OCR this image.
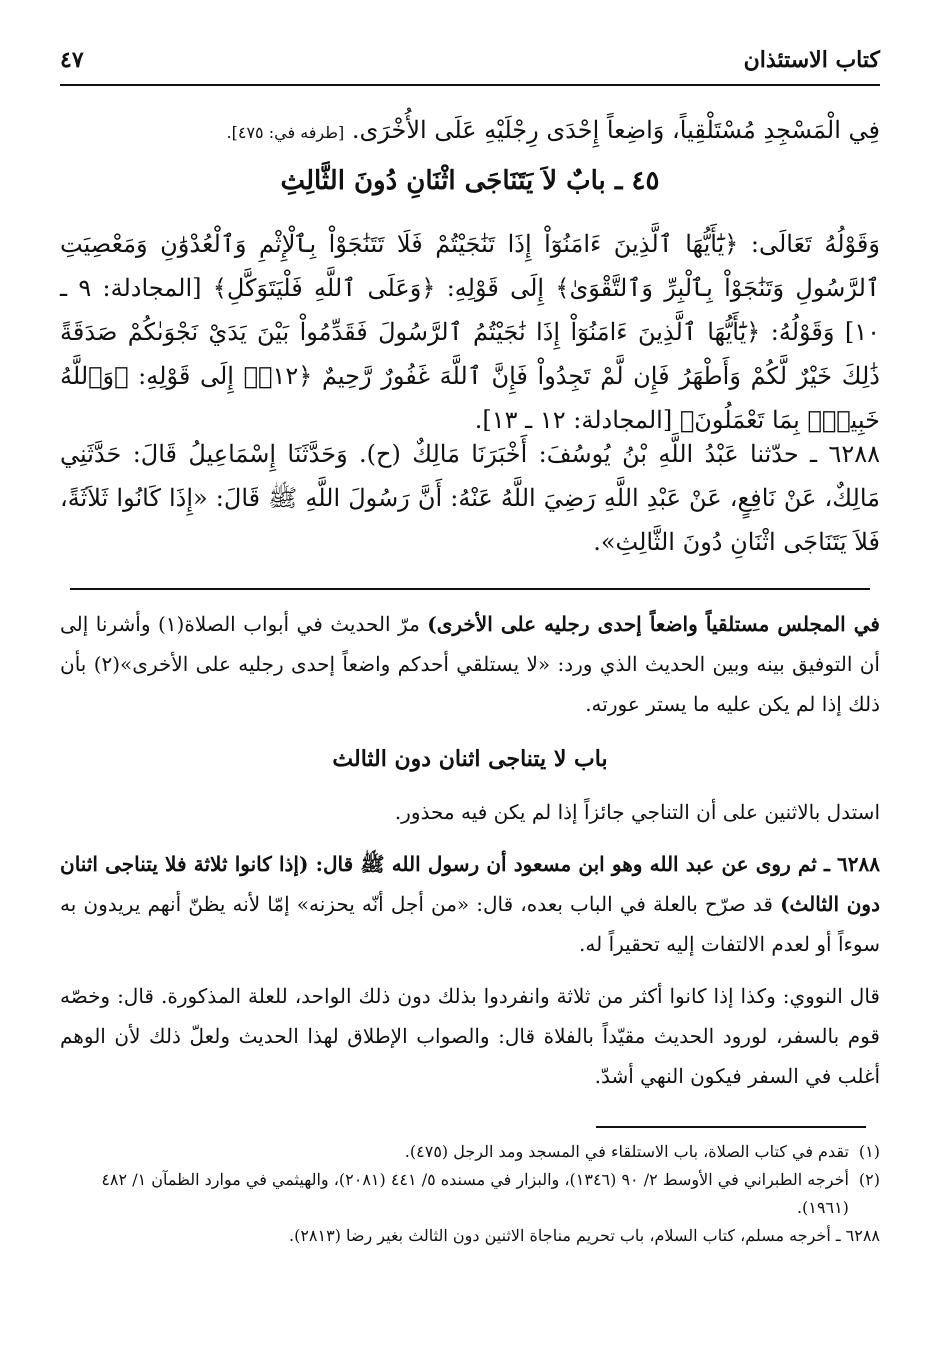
كتاب الاستئذان
٤٧
فِي الْمَسْجِدِ مُسْتَلْقِياً، وَاضِعاً إِحْدَى رِجْلَيْهِ عَلَى الأُخْرَى. [طرفه في: ٤٧٥].
٤٥ ـ بابٌ لاَ يَتَنَاجَى اثْنَانِ دُونَ الثَّالِثِ
وَقَوْلُهُ تَعَالَى: ﴿يَٰٓأَيُّهَا ٱلَّذِينَ ءَامَنُوٓاْ إِذَا تَنَٰجَيْتُمْ فَلَا تَتَنَٰجَوْاْ بِٱلْإِثْمِ وَٱلْعُدْوَٰنِ وَمَعْصِيَتِ ٱلرَّسُولِ وَتَنَٰجَوْاْ بِٱلْبِرِّ وَٱلتَّقْوَىٰ﴾ إِلَى قَوْلِهِ: ﴿وَعَلَى ٱللَّهِ فَلْيَتَوَكَّلِ﴾ [المجادلة: ٩ ـ ١٠] وَقَوْلُهُ: ﴿يَٰٓأَيُّهَا ٱلَّذِينَ ءَامَنُوٓاْ إِذَا نَٰجَيْتُمُ ٱلرَّسُولَ فَقَدِّمُواْ بَيْنَ يَدَيْ نَجْوَىٰكُمْ صَدَقَةً ذَٰلِكَ خَيْرٌ لَّكُمْ وَأَطْهَرُ فَإِن لَّمْ تَجِدُواْ فَإِنَّ ٱللَّهَ غَفُورٌ رَّحِيمٌ ﴿١٢﴾﴾ إِلَى قَوْلِهِ: ﴿وَٱللَّهُ خَبِيرٌۢ بِمَا تَعْمَلُونَ﴾ [المجادلة: ١٢ ـ ١٣].
٦٢٨٨ ـ حدّثنا عَبْدُ اللَّهِ بْنُ يُوسُفَ: أَخْبَرَنَا مَالِكٌ (ح). وَحَدَّثَنَا إِسْمَاعِيلُ قَالَ: حَدَّثَنِي مَالِكٌ، عَنْ نَافِعٍ، عَنْ عَبْدِ اللَّهِ رَضِيَ اللَّهُ عَنْهُ: أَنَّ رَسُولَ اللَّهِ ﷺ قَالَ: «إِذَا كَانُوا ثَلاَثَةً، فَلاَ يَتَنَاجَى اثْنَانِ دُونَ الثَّالِثِ».
في المجلس مستلقياً واضعاً إحدى رجليه على الأخرى) مرّ الحديث في أبواب الصلاة(١) وأشرنا إلى أن التوفيق بينه وبين الحديث الذي ورد: «لا يستلقي أحدكم واضعاً إحدى رجليه على الأخرى»(٢) بأن ذلك إذا لم يكن عليه ما يستر عورته.
باب لا يتناجى اثنان دون الثالث
استدل بالاثنين على أن التناجي جائزاً إذا لم يكن فيه محذور.
٦٢٨٨ ـ ثم روى عن عبد الله وهو ابن مسعود أن رسول الله ﷺ قال: (إذا كانوا ثلاثة فلا يتناجى اثنان دون الثالث) قد صرّح بالعلة في الباب بعده، قال: «من أجل أنّه يحزنه» إمّا لأنه يظنّ أنهم يريدون به سوءاً أو لعدم الالتفات إليه تحقيراً له.
قال النووي: وكذا إذا كانوا أكثر من ثلاثة وانفردوا بذلك دون ذلك الواحد، للعلة المذكورة. قال: وخصّه قوم بالسفر، لورود الحديث مقيّداً بالفلاة قال: والصواب الإطلاق لهذا الحديث ولعلّ ذلك لأن الوهم أغلب في السفر فيكون النهي أشدّ.
(١)
تقدم في كتاب الصلاة، باب الاستلقاء في المسجد ومد الرجل (٤٧٥).
(٢)
أخرجه الطبراني في الأوسط ٢/ ٩٠ (١٣٤٦)، والبزار في مسنده ٥/ ٤٤١ (٢٠٨١)، والهيثمي في موارد الظمآن ١/ ٤٨٢ (١٩٦١).
٦٢٨٨ ـ أخرجه مسلم، كتاب السلام، باب تحريم مناجاة الاثنين دون الثالث بغير رضا (٢٨١٣).
